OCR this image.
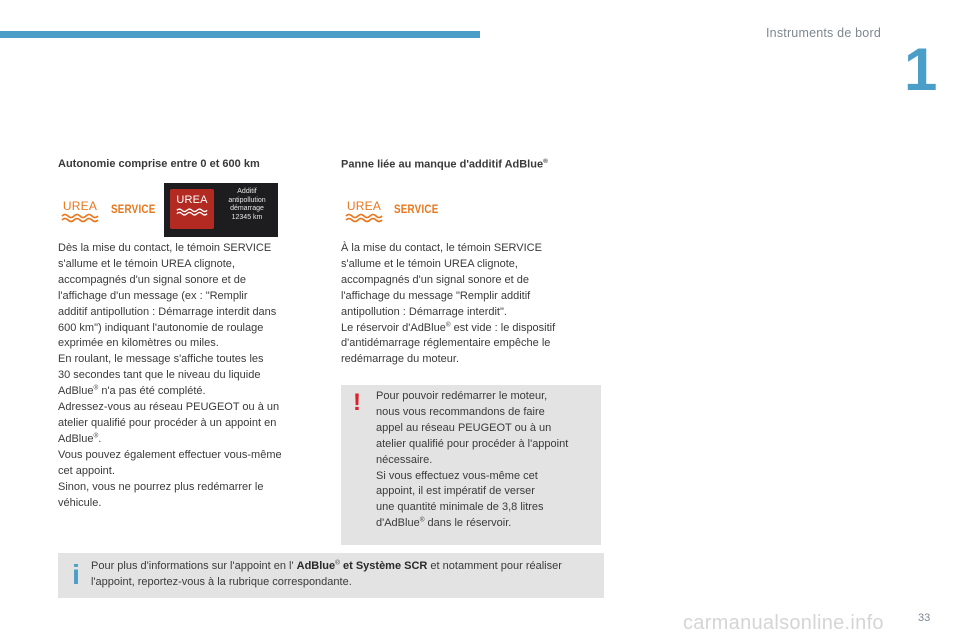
Instruments de bord
1
Autonomie comprise entre 0 et 600 km
UREA SERVICE
UREA
Additif
antipollution
démarrage
12345 km
Dès la mise du contact, le témoin SERVICE
s'allume et le témoin UREA clignote,
accompagnés d'un signal sonore et de
l'affichage d'un message (ex : "Remplir
additif antipollution : Démarrage interdit dans
600 km") indiquant l'autonomie de roulage
exprimée en kilomètres ou miles.
En roulant, le message s'affiche toutes les
30 secondes tant que le niveau du liquide
AdBlue® n'a pas été complété.
Adressez-vous au réseau PEUGEOT ou à un
atelier qualifié pour procéder à un appoint en
AdBlue®.
Vous pouvez également effectuer vous-même
cet appoint.
Sinon, vous ne pourrez plus redémarrer le
véhicule.
Panne liée au manque d'additif AdBlue®
UREA SERVICE
À la mise du contact, le témoin SERVICE
s'allume et le témoin UREA clignote,
accompagnés d'un signal sonore et de
l'affichage du message "Remplir additif
antipollution : Démarrage interdit".
Le réservoir d'AdBlue® est vide : le dispositif
d'antidémarrage réglementaire empêche le
redémarrage du moteur.
! Pour pouvoir redémarrer le moteur,
nous vous recommandons de faire
appel au réseau PEUGEOT ou à un
atelier qualifié pour procéder à l'appoint
nécessaire.
Si vous effectuez vous-même cet
appoint, il est impératif de verser
une quantité minimale de 3,8 litres
d'AdBlue® dans le réservoir.
i	Pour plus d'informations sur l'appoint en l' AdBlue® et Système SCR et notamment pour réaliser l'appoint, reportez-vous à la rubrique correspondante.
carmanualsonline.info	33
